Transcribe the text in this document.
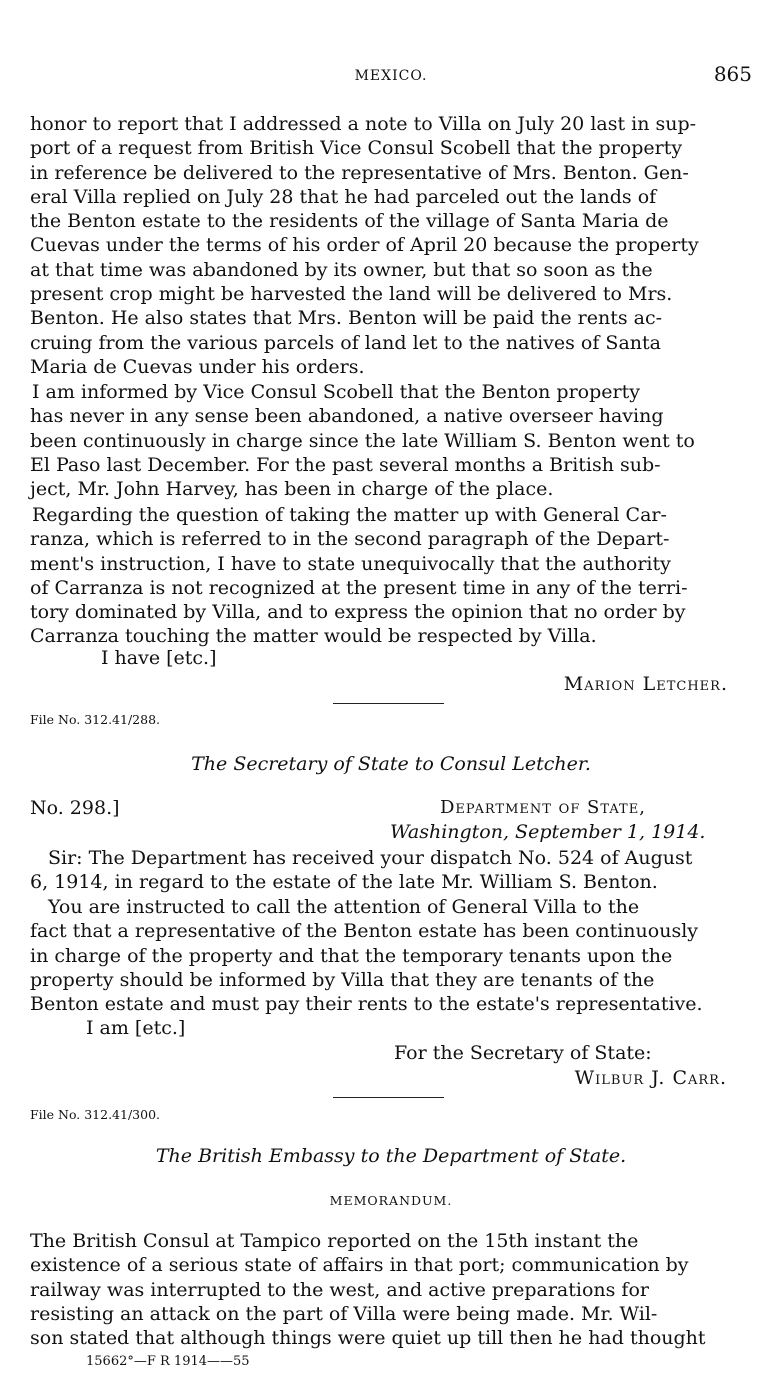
MEXICO.	865
honor to report that I addressed a note to Villa on July 20 last in sup-
port of a request from British Vice Consul Scobell that the property
in reference be delivered to the representative of Mrs. Benton. Gen-
eral Villa replied on July 28 that he had parceled out the lands of
the Benton estate to the residents of the village of Santa Maria de
Cuevas under the terms of his order of April 20 because the property
at that time was abandoned by its owner, but that so soon as the
present crop might be harvested the land will be delivered to Mrs.
Benton. He also states that Mrs. Benton will be paid the rents ac-
cruing from the various parcels of land let to the natives of Santa
Maria de Cuevas under his orders.
I am informed by Vice Consul Scobell that the Benton property
has never in any sense been abandoned, a native overseer having
been continuously in charge since the late William S. Benton went to
El Paso last December. For the past several months a British sub-
ject, Mr. John Harvey, has been in charge of the place.
Regarding the question of taking the matter up with General Car-
ranza, which is referred to in the second paragraph of the Depart-
ment's instruction, I have to state unequivocally that the authority
of Carranza is not recognized at the present time in any of the terri-
tory dominated by Villa, and to express the opinion that no order by
Carranza touching the matter would be respected by Villa.
I have [etc.]
Marion Letcher.
File No. 312.41/288.
The Secretary of State to Consul Letcher.
No. 298.]	Department of State,
Washington, September 1, 1914.
Sir: The Department has received your dispatch No. 524 of August
6, 1914, in regard to the estate of the late Mr. William S. Benton.
You are instructed to call the attention of General Villa to the
fact that a representative of the Benton estate has been continuously
in charge of the property and that the temporary tenants upon the
property should be informed by Villa that they are tenants of the
Benton estate and must pay their rents to the estate's representative.
I am [etc.]
For the Secretary of State:
Wilbur J. Carr.
File No. 312.41/300.
The British Embassy to the Department of State.
MEMORANDUM.
The British Consul at Tampico reported on the 15th instant the
existence of a serious state of affairs in that port; communication by
railway was interrupted to the west, and active preparations for
resisting an attack on the part of Villa were being made. Mr. Wil-
son stated that although things were quiet up till then he had thought
15662°—F R 1914——55
